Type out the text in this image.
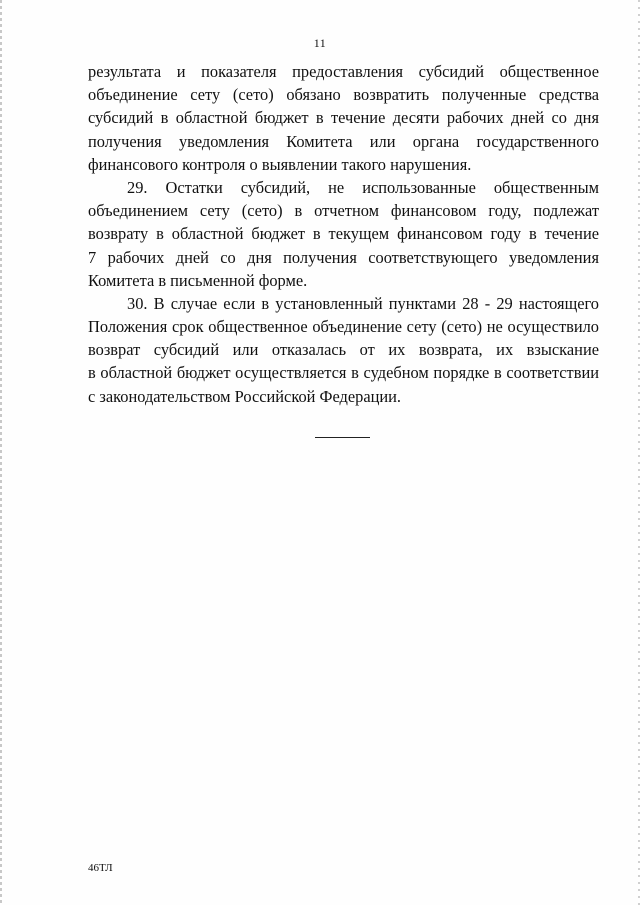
11
результата и показателя предоставления субсидий общественное
объединение сету (сето) обязано возвратить полученные средства
субсидий в областной бюджет в течение десяти рабочих дней со дня
получения уведомления Комитета или органа государственного
финансового контроля о выявлении такого нарушения.
29. Остатки субсидий, не использованные общественным
объединением сету (сето) в отчетном финансовом году, подлежат
возврату в областной бюджет в текущем финансовом году в течение
7 рабочих дней со дня получения соответствующего уведомления
Комитета в письменной форме.
30. В случае если в установленный пунктами 28 - 29 настоящего
Положения срок общественное объединение сету (сето) не осуществило
возврат субсидий или отказалась от их возврата, их взыскание
в областной бюджет осуществляется в судебном порядке в соответствии
с законодательством Российской Федерации.
46ТЛ
